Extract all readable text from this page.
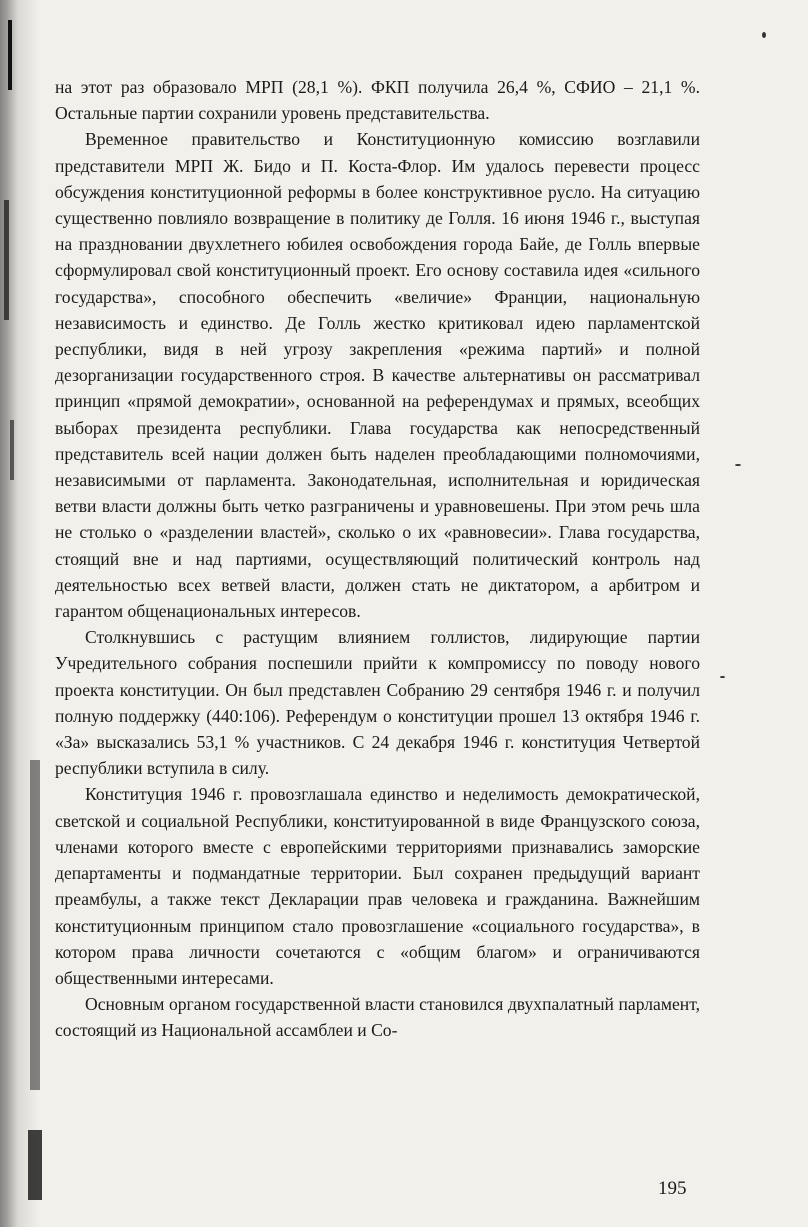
на этот раз образовало МРП (28,1 %). ФКП получила 26,4 %, СФИО – 21,1 %. Остальные партии сохранили уровень представительства.

Временное правительство и Конституционную комиссию возглавили представители МРП Ж. Бидо и П. Коста-Флор. Им удалось перевести процесс обсуждения конституционной реформы в более конструктивное русло. На ситуацию существенно повлияло возвращение в политику де Голля. 16 июня 1946 г., выступая на праздновании двухлетнего юбилея освобождения города Байе, де Голль впервые сформулировал свой конституционный проект. Его основу составила идея «сильного государства», способного обеспечить «величие» Франции, национальную независимость и единство. Де Голль жестко критиковал идею парламентской республики, видя в ней угрозу закрепления «режима партий» и полной дезорганизации государственного строя. В качестве альтернативы он рассматривал принцип «прямой демократии», основанной на референдумах и прямых, всеобщих выборах президента республики. Глава государства как непосредственный представитель всей нации должен быть наделен преобладающими полномочиями, независимыми от парламента. Законодательная, исполнительная и юридическая ветви власти должны быть четко разграничены и уравновешены. При этом речь шла не столько о «разделении властей», сколько о их «равновесии». Глава государства, стоящий вне и над партиями, осуществляющий политический контроль над деятельностью всех ветвей власти, должен стать не диктатором, а арбитром и гарантом общенациональных интересов.

Столкнувшись с растущим влиянием голлистов, лидирующие партии Учредительного собрания поспешили прийти к компромиссу по поводу нового проекта конституции. Он был представлен Собранию 29 сентября 1946 г. и получил полную поддержку (440:106). Референдум о конституции прошел 13 октября 1946 г. «За» высказались 53,1 % участников. С 24 декабря 1946 г. конституция Четвертой республики вступила в силу.

Конституция 1946 г. провозглашала единство и неделимость демократической, светской и социальной Республики, конституированной в виде Французского союза, членами которого вместе с европейскими территориями признавались заморские департаменты и подмандатные территории. Был сохранен предыдущий вариант преамбулы, а также текст Декларации прав человека и гражданина. Важнейшим конституционным принципом стало провозглашение «социального государства», в котором права личности сочетаются с «общим благом» и ограничиваются общественными интересами.

Основным органом государственной власти становился двухпалатный парламент, состоящий из Национальной ассамблеи и Со-

195
